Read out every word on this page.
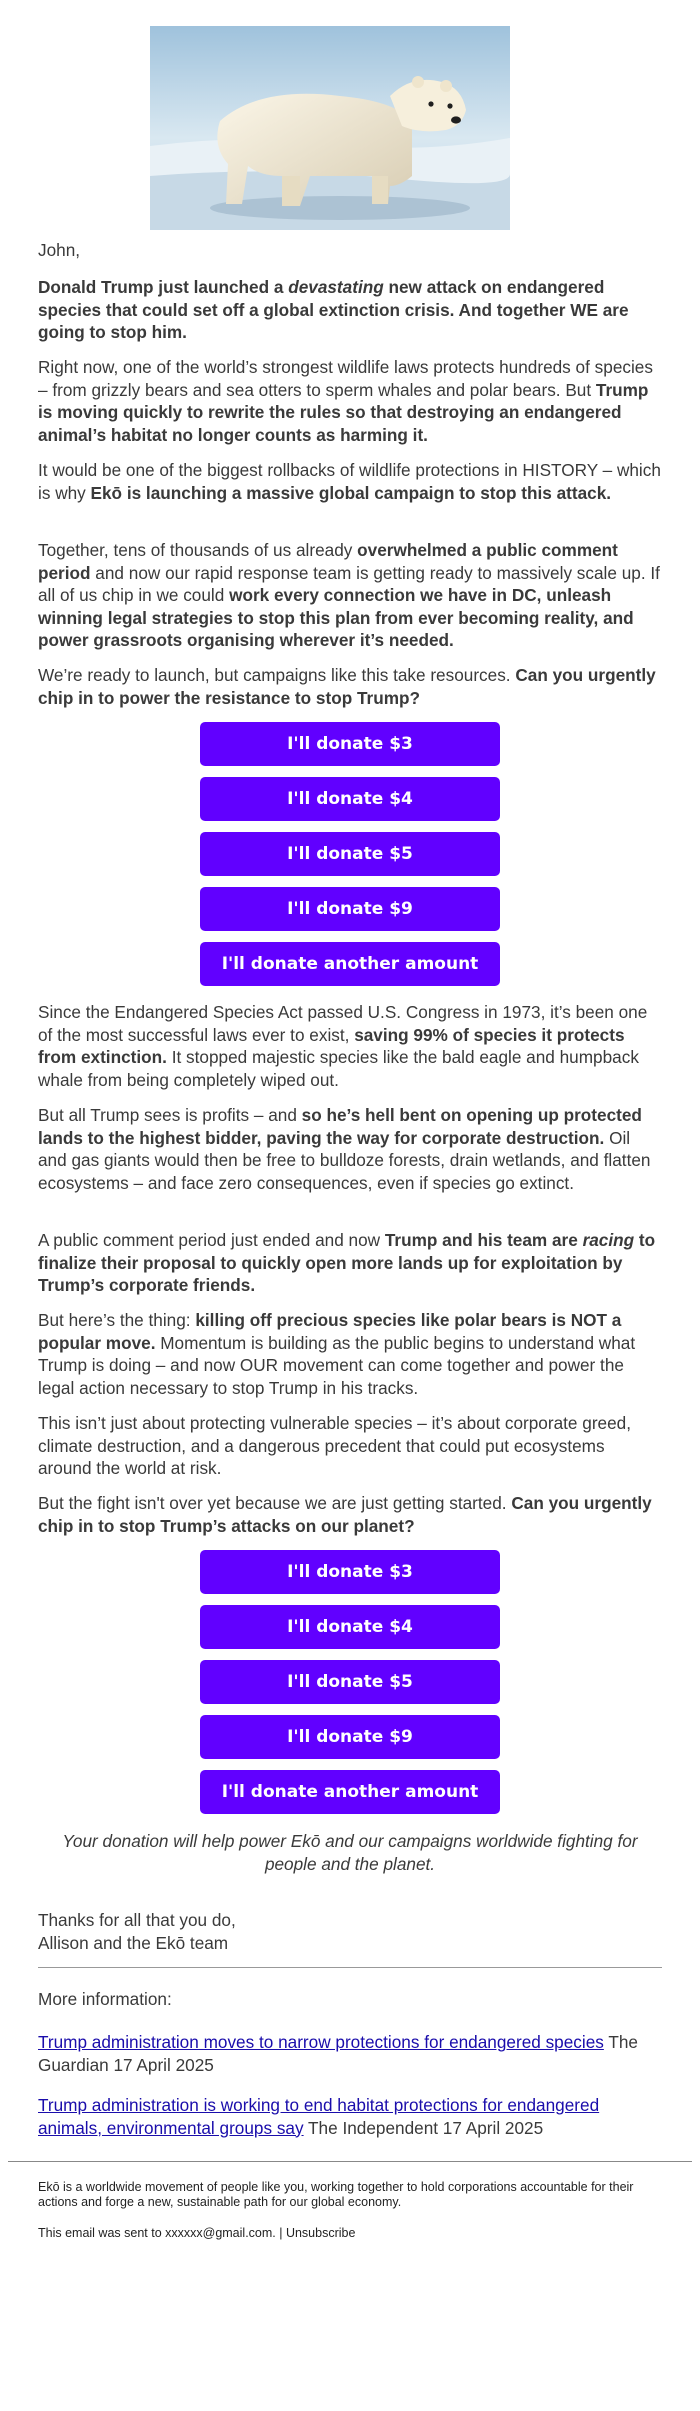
John,
Donald Trump just launched a devastating new attack on endangered species that could set off a global extinction crisis. And together WE are going to stop him.
Right now, one of the world’s strongest wildlife laws protects hundreds of species – from grizzly bears and sea otters to sperm whales and polar bears. But Trump is moving quickly to rewrite the rules so that destroying an endangered animal’s habitat no longer counts as harming it.
It would be one of the biggest rollbacks of wildlife protections in HISTORY – which is why Ekō is launching a massive global campaign to stop this attack.
Together, tens of thousands of us already overwhelmed a public comment period and now our rapid response team is getting ready to massively scale up. If all of us chip in we could work every connection we have in DC, unleash winning legal strategies to stop this plan from ever becoming reality, and power grassroots organising wherever it’s needed.
We’re ready to launch, but campaigns like this take resources. Can you urgently chip in to power the resistance to stop Trump?
I'll donate $3
I'll donate $4
I'll donate $5
I'll donate $9
I'll donate another amount
Since the Endangered Species Act passed U.S. Congress in 1973, it’s been one of the most successful laws ever to exist, saving 99% of species it protects from extinction. It stopped majestic species like the bald eagle and humpback whale from being completely wiped out.
But all Trump sees is profits – and so he’s hell bent on opening up protected lands to the highest bidder, paving the way for corporate destruction. Oil and gas giants would then be free to bulldoze forests, drain wetlands, and flatten ecosystems – and face zero consequences, even if species go extinct.
A public comment period just ended and now Trump and his team are racing to finalize their proposal to quickly open more lands up for exploitation by Trump’s corporate friends.
But here’s the thing: killing off precious species like polar bears is NOT a popular move. Momentum is building as the public begins to understand what Trump is doing – and now OUR movement can come together and power the legal action necessary to stop Trump in his tracks.
This isn’t just about protecting vulnerable species – it’s about corporate greed, climate destruction, and a dangerous precedent that could put ecosystems around the world at risk.
But the fight isn't over yet because we are just getting started. Can you urgently chip in to stop Trump’s attacks on our planet?
I'll donate $3
I'll donate $4
I'll donate $5
I'll donate $9
I'll donate another amount
Your donation will help power Ekō and our campaigns worldwide fighting for people and the planet.
Thanks for all that you do,
Allison and the Ekō team
More information:
Trump administration moves to narrow protections for endangered species The Guardian 17 April 2025
Trump administration is working to end habitat protections for endangered animals, environmental groups say The Independent 17 April 2025
Ekō is a worldwide movement of people like you, working together to hold corporations accountable for their actions and forge a new, sustainable path for our global economy.
This email was sent to xxxxxx@gmail.com. | Unsubscribe
